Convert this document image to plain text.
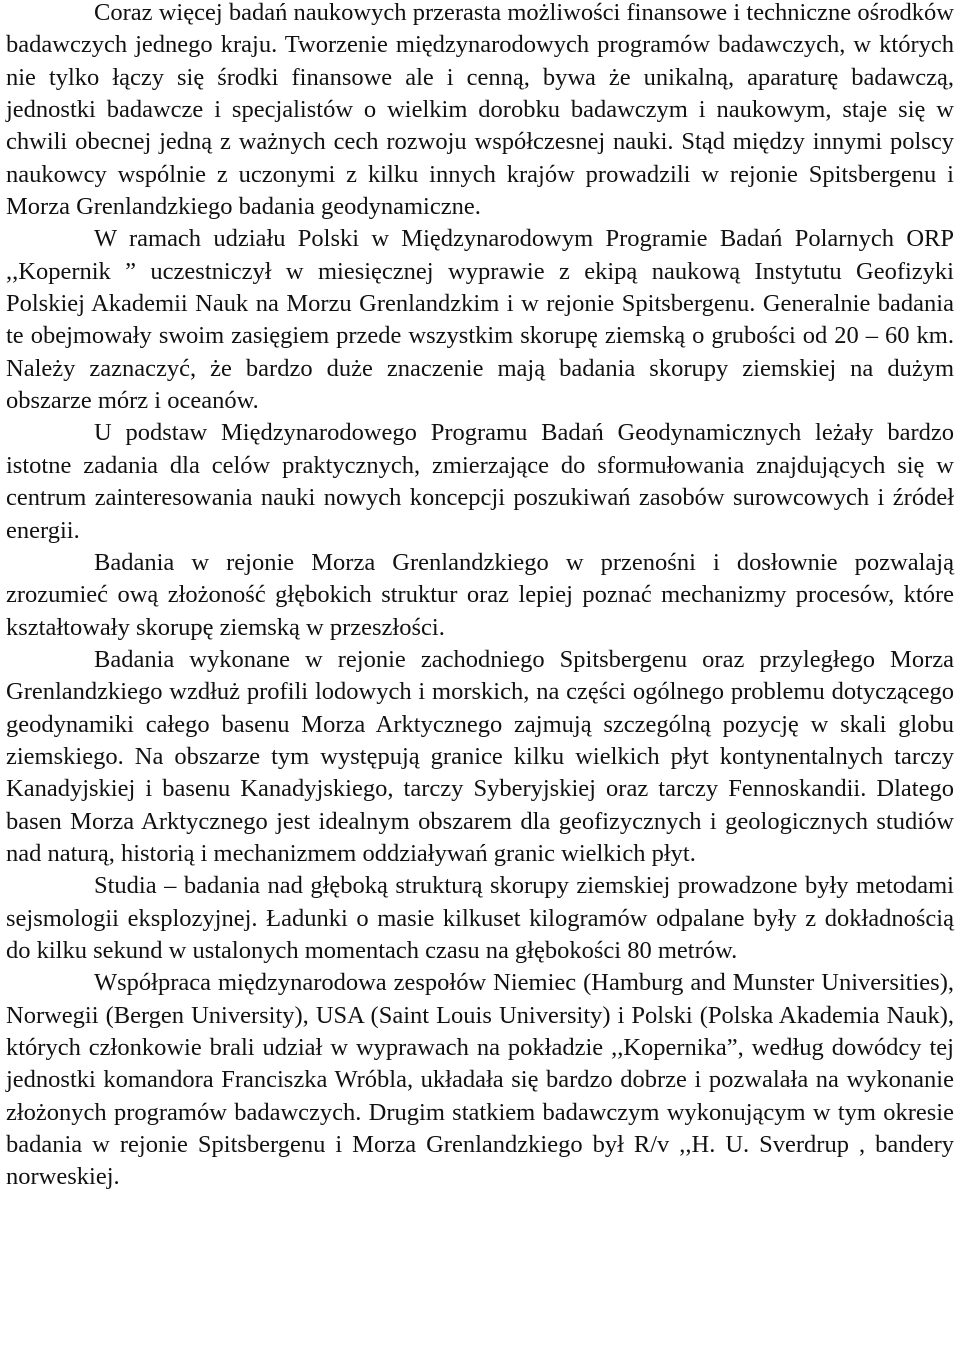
Coraz więcej badań naukowych przerasta możliwości finansowe i techniczne ośrodków badawczych jednego kraju. Tworzenie międzynarodowych programów badawczych, w których nie tylko łączy się środki finansowe ale i cenną, bywa że unikalną, aparaturę badawczą, jednostki badawcze i specjalistów o wielkim dorobku badawczym i naukowym, staje się w chwili obecnej jedną z ważnych cech rozwoju współczesnej nauki. Stąd między innymi polscy naukowcy wspólnie z uczonymi z kilku innych krajów prowadzili w rejonie Spitsbergenu i Morza Grenlandzkiego badania geodynamiczne.

W ramach udziału Polski w Międzynarodowym Programie Badań Polarnych ORP ,,Kopernik ” uczestniczył w miesięcznej wyprawie z ekipą naukową Instytutu Geofizyki Polskiej Akademii Nauk na Morzu Grenlandzkim i w rejonie Spitsbergenu. Generalnie badania te obejmowały swoim zasięgiem przede wszystkim skorupę ziemską o grubości od 20 – 60 km. Należy zaznaczyć, że bardzo duże znaczenie mają badania skorupy ziemskiej na dużym obszarze mórz i oceanów.

U podstaw Międzynarodowego Programu Badań Geodynamicznych leżały bardzo istotne zadania dla celów praktycznych, zmierzające do sformułowania znajdujących się w centrum zainteresowania nauki nowych koncepcji poszukiwań zasobów surowcowych i źródeł energii.

Badania w rejonie Morza Grenlandzkiego w przenośni i dosłownie pozwalają zrozumieć ową złożoność głębokich struktur oraz lepiej poznać mechanizmy procesów, które kształtowały skorupę ziemską w przeszłości.

Badania wykonane w rejonie zachodniego Spitsbergenu oraz przyległego Morza Grenlandzkiego wzdłuż profili lodowych i morskich, na części ogólnego problemu dotyczącego geodynamiki całego basenu Morza Arktycznego zajmują szczególną pozycję w skali globu ziemskiego. Na obszarze tym występują granice kilku wielkich płyt kontynentalnych tarczy Kanadyjskiej i basenu Kanadyjskiego, tarczy Syberyjskiej oraz tarczy Fennoskandii. Dlatego basen Morza Arktycznego jest idealnym obszarem dla geofizycznych i geologicznych studiów nad naturą, historią i mechanizmem oddziaływań granic wielkich płyt.

Studia – badania nad głęboką strukturą skorupy ziemskiej prowadzone były metodami sejsmologii eksplozyjnej. Ładunki o masie kilkuset kilogramów odpalane były z dokładnością do kilku sekund w ustalonych momentach czasu na głębokości 80 metrów.

Współpraca międzynarodowa zespołów Niemiec (Hamburg and Munster Universities), Norwegii (Bergen University), USA (Saint Louis University) i Polski (Polska Akademia Nauk), których członkowie brali udział w wyprawach na pokładzie ,,Kopernika”, według dowódcy tej jednostki komandora Franciszka Wróbla, układała się bardzo dobrze i pozwalała na wykonanie złożonych programów badawczych. Drugim statkiem badawczym wykonującym w tym okresie badania w rejonie Spitsbergenu i Morza Grenlandzkiego był R/v ,,H. U. Sverdrup , bandery norweskiej.
